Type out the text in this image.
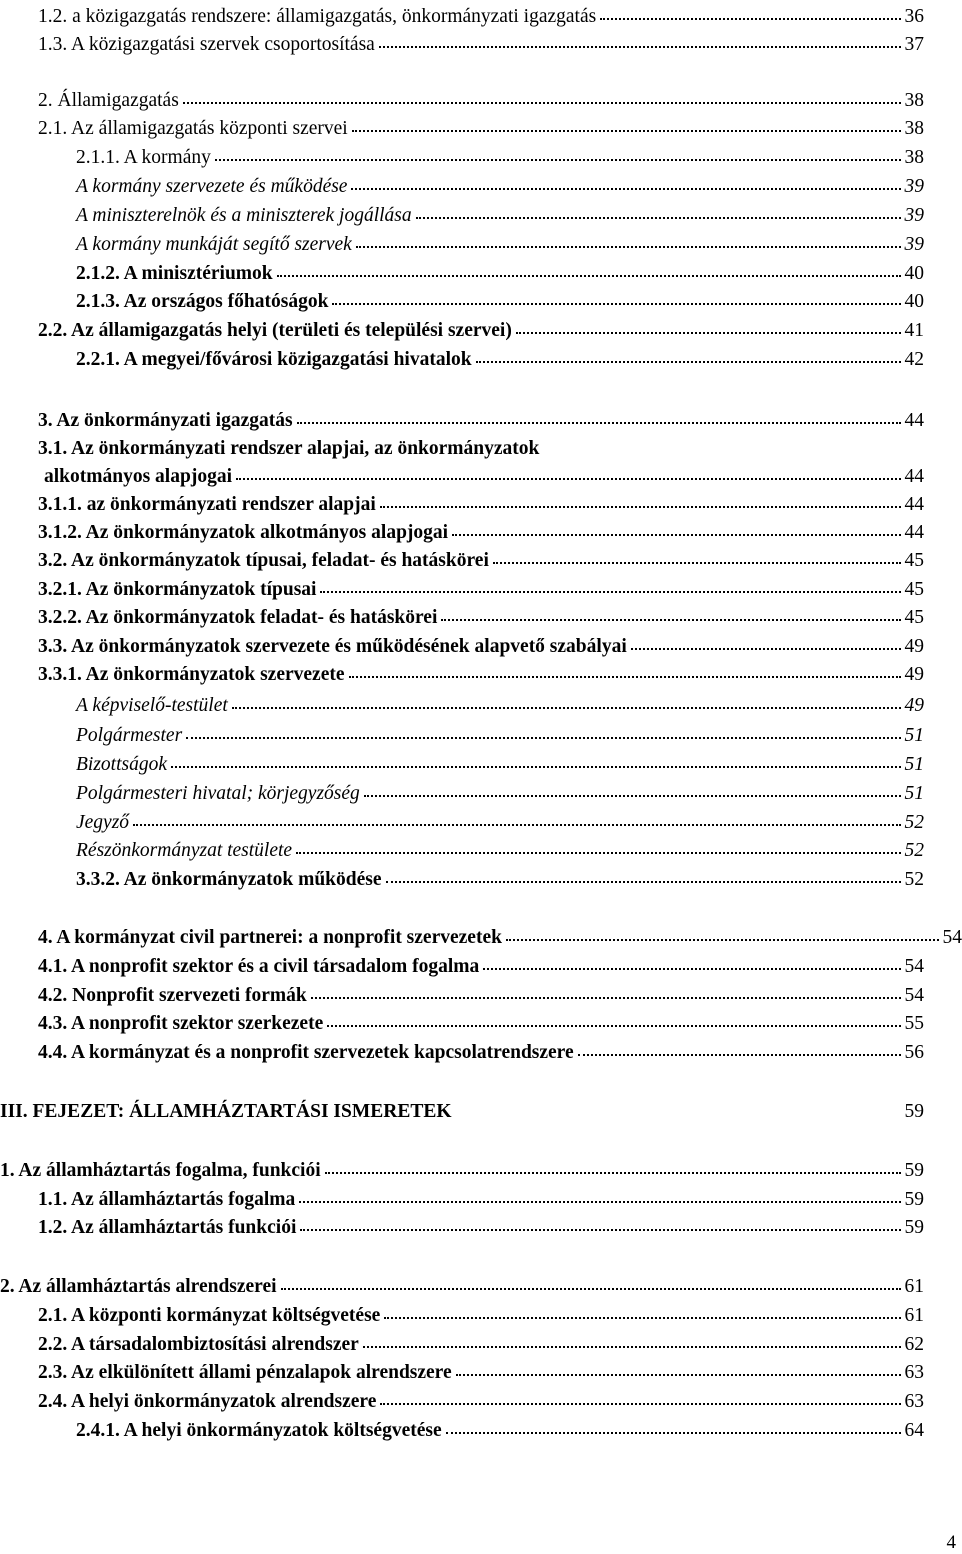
1.2. a közigazgatás rendszere: államigazgatás, önkormányzati igazgatás	36
1.3. A közigazgatási szervek csoportosítása	37
2. Államigazgatás	38
2.1. Az államigazgatás központi szervei	38
2.1.1. A kormány	38
A kormány szervezete és működése	39
A miniszterelnök és a miniszterek jogállása	39
A kormány munkáját segítő szervek	39
2.1.2. A minisztériumok	40
2.1.3. Az országos főhatóságok	40
2.2. Az államigazgatás helyi (területi és települési szervei)	41
2.2.1. A megyei/fővárosi közigazgatási hivatalok	42
3. Az önkormányzati igazgatás	44
3.1. Az önkormányzati rendszer alapjai, az önkormányzatok
alkotmányos alapjogai	44
3.1.1. az önkormányzati rendszer alapjai	44
3.1.2. Az önkormányzatok alkotmányos alapjogai	44
3.2. Az önkormányzatok típusai, feladat- és hatáskörei	45
3.2.1. Az önkormányzatok típusai	45
3.2.2. Az önkormányzatok feladat- és hatáskörei	45
3.3. Az önkormányzatok szervezete és működésének alapvető szabályai	49
3.3.1. Az önkormányzatok szervezete	49
A képviselő-testület	49
Polgármester	51
Bizottságok	51
Polgármesteri hivatal; körjegyzőség	51
Jegyző	52
Részönkormányzat testülete	52
3.3.2. Az önkormányzatok működése	52
4. A kormányzat civil partnerei: a nonprofit szervezetek	54
4.1. A nonprofit szektor és a civil társadalom fogalma	54
4.2. Nonprofit szervezeti formák	54
4.3. A nonprofit szektor szerkezete	55
4.4. A kormányzat és a nonprofit szervezetek kapcsolatrendszere	56
III. FEJEZET: ÁLLAMHÁZTARTÁSI ISMERETEK	59
1. Az államháztartás fogalma, funkciói	59
1.1. Az államháztartás fogalma	59
1.2. Az államháztartás funkciói	59
2. Az államháztartás alrendszerei	61
2.1. A központi kormányzat költségvetése	61
2.2. A társadalombiztosítási alrendszer	62
2.3. Az elkülönített állami pénzalapok alrendszere	63
2.4. A helyi önkormányzatok alrendszere	63
2.4.1. A helyi önkormányzatok költségvetése	64
4
